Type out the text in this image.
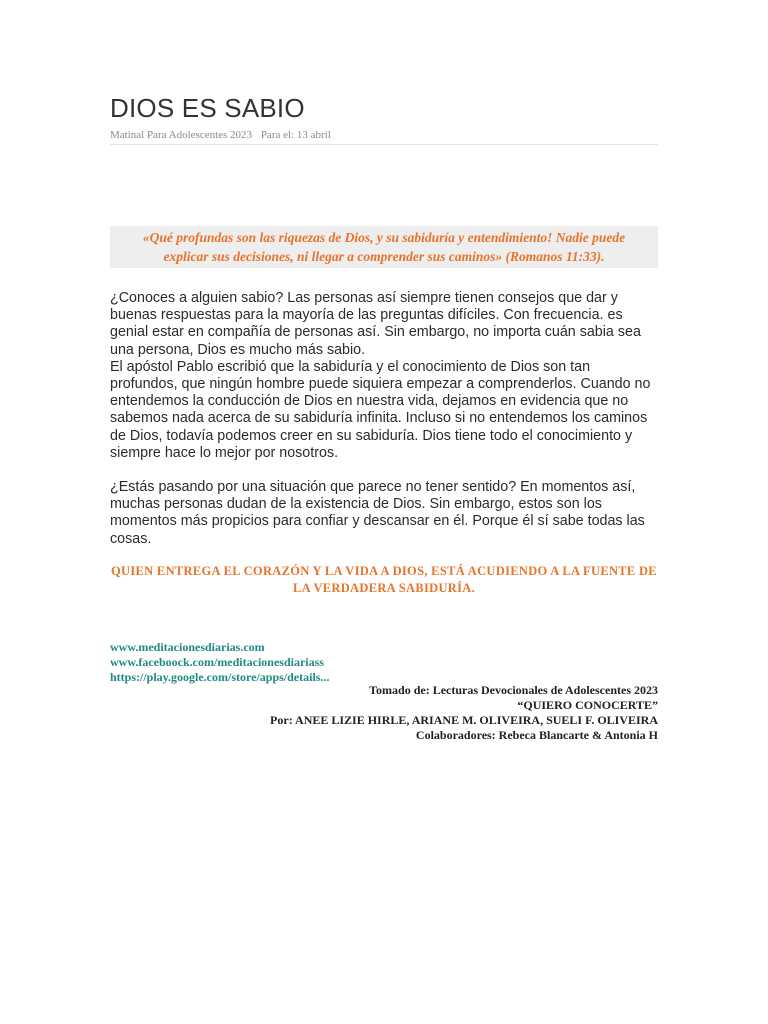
DIOS ES SABIO
Matinal Para Adolescentes 2023 Para el: 13 abril
«Qué profundas son las riquezas de Dios, y su sabiduría y entendimiento! Nadie puede explicar sus decisiones, ni llegar a comprender sus caminos» (Romanos 11:33).

¿Conoces a alguien sabio? Las personas así siempre tienen consejos que dar y buenas respuestas para la mayoría de las preguntas difíciles. Con frecuencia. es genial estar en compañía de personas así. Sin embargo, no importa cuán sabia sea una persona, Dios es mucho más sabio.

El apóstol Pablo escribió que la sabiduría y el conocimiento de Dios son tan profundos, que ningún hombre puede siquiera empezar a comprenderlos. Cuando no entendemos la conducción de Dios en nuestra vida, dejamos en evidencia que no sabemos nada acerca de su sabiduría infinita. Incluso si no entendemos los caminos de Dios, todavía podemos creer en su sabiduría. Dios tiene todo el conocimiento y siempre hace lo mejor por nosotros.

¿Estás pasando por una situación que parece no tener sentido? En momentos así, muchas personas dudan de la existencia de Dios. Sin embargo, estos son los momentos más propicios para confiar y descansar en él. Porque él sí sabe todas las cosas.

QUIEN ENTREGA EL CORAZÓN Y LA VIDA A DIOS, ESTÁ ACUDIENDO A LA FUENTE DE LA VERDADERA SABIDURÍA.
www.meditacionesdiarias.com
www.faceboock.com/meditacionesdiariass
https://play.google.com/store/apps/details...
Tomado de: Lecturas Devocionales de Adolescentes 2023
“QUIERO CONOCERTE”
Por: ANEE LIZIE HIRLE, ARIANE M. OLIVEIRA, SUELI F. OLIVEIRA
Colaboradores: Rebeca Blancarte & Antonia H
